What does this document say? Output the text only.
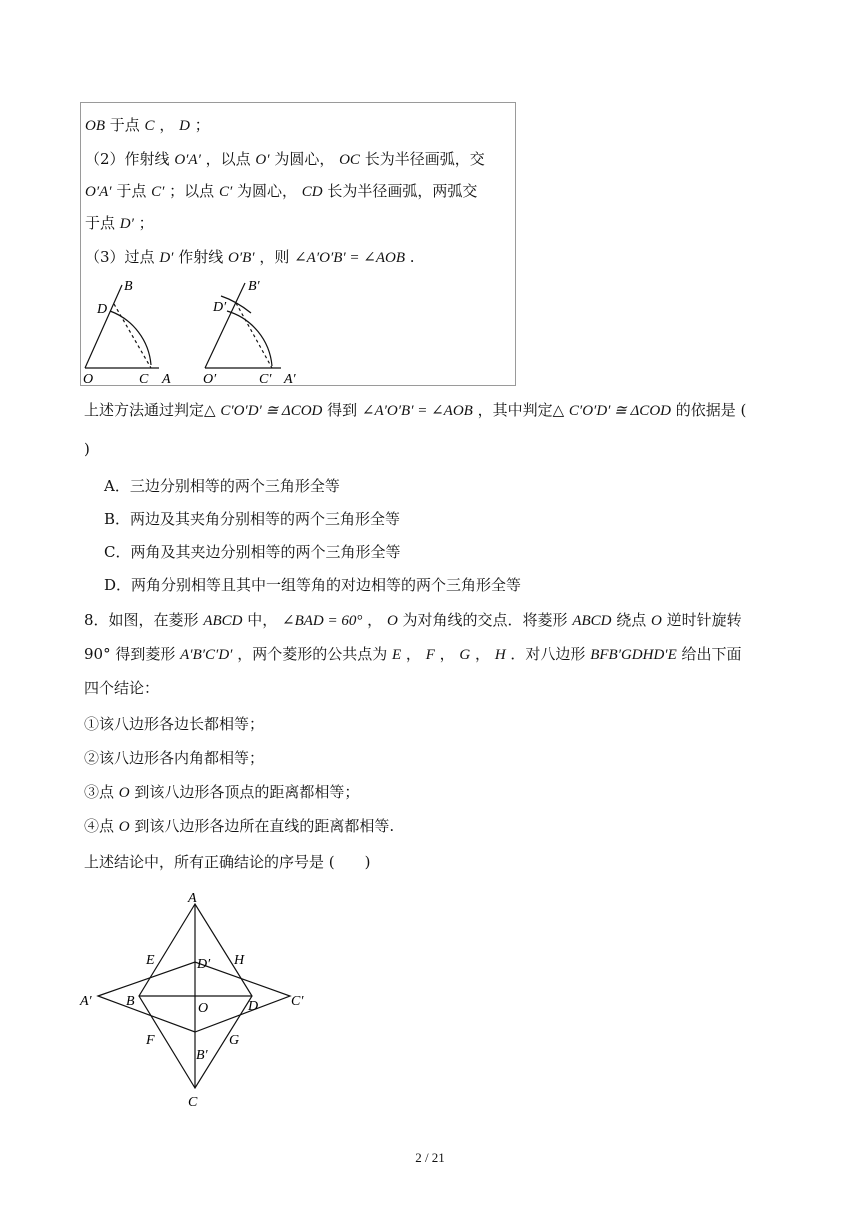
OB 于点 C ， D ；
（2）作射线 O′A′ ，以点 O′ 为圆心， OC 长为半径画弧，交
O′A′ 于点 C′ ；以点 C′ 为圆心， CD 长为半径画弧，两弧交
于点 D′ ；
（3）过点 D′ 作射线 O′B′ ，则 ∠A′O′B′ = ∠AOB .
O	A
B
C
D
O′	A′
B′
C′
D′
上述方法通过判定△ C′O′D′ ≅ ΔCOD 得到 ∠A′O′B′ = ∠AOB ，其中判定△ C′O′D′ ≅ ΔCOD 的依据是 (
)
A．三边分别相等的两个三角形全等
B．两边及其夹角分别相等的两个三角形全等
C．两角及其夹边分别相等的两个三角形全等
D．两角分别相等且其中一组等角的对边相等的两个三角形全等
8．如图，在菱形 ABCD 中， ∠BAD = 60° ， O 为对角线的交点．将菱形 ABCD 绕点 O 逆时针旋转
90° 得到菱形 A′B′C′D′ ，两个菱形的公共点为 E ， F ， G ， H ．对八边形 BFB′GDHD′E 给出下面
四个结论：
①该八边形各边长都相等；
②该八边形各内角都相等；
③点 O 到该八边形各顶点的距离都相等；
④点 O 到该八边形各边所在直线的距离都相等.
上述结论中，所有正确结论的序号是 (　　)
A
B
C
D
O
E
F	G
H
A′
B′
C′
D′
2 / 21
